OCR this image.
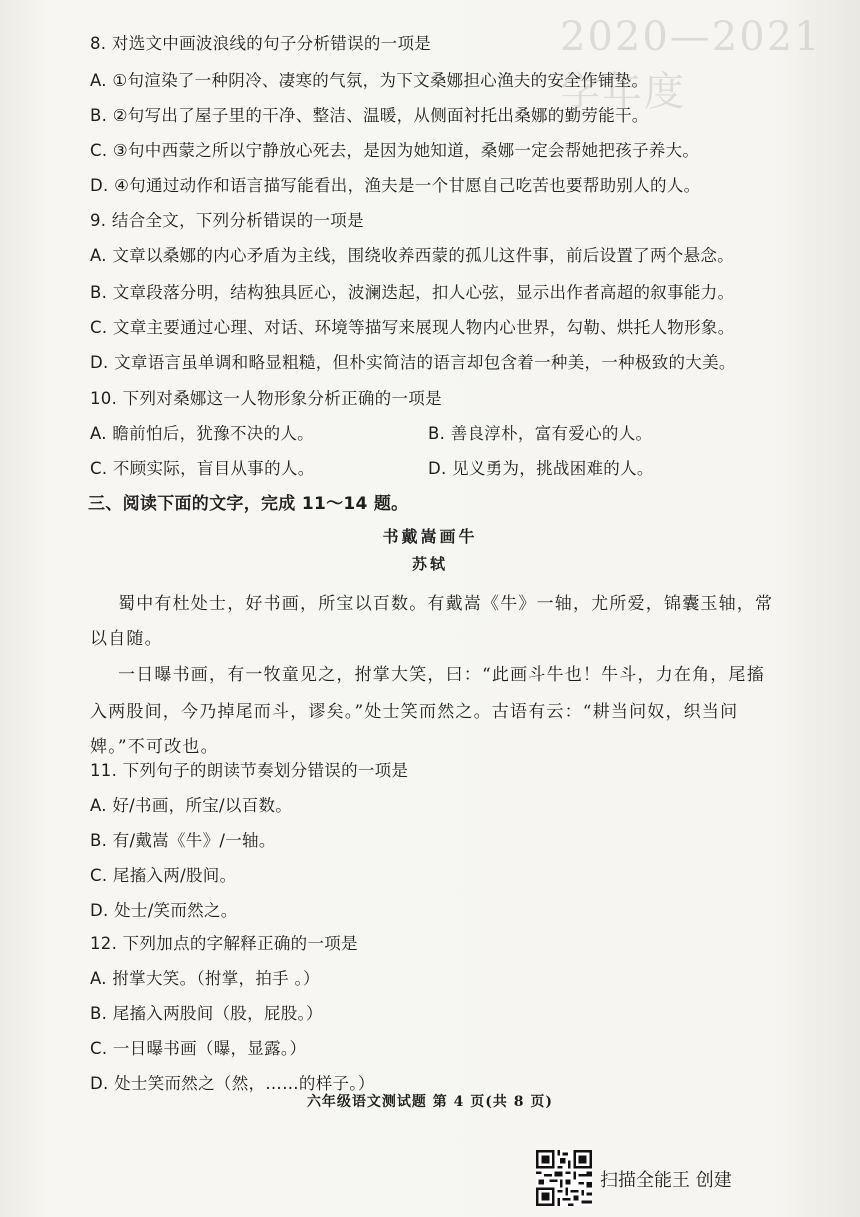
2020—2021 学年度
8. 对选文中画波浪线的句子分析错误的一项是
A. ①句渲染了一种阴冷、凄寒的气氛，为下文桑娜担心渔夫的安全作铺垫。
B. ②句写出了屋子里的干净、整洁、温暖，从侧面衬托出桑娜的勤劳能干。
C. ③句中西蒙之所以宁静放心死去，是因为她知道，桑娜一定会帮她把孩子养大。
D. ④句通过动作和语言描写能看出，渔夫是一个甘愿自己吃苦也要帮助别人的人。
9. 结合全文，下列分析错误的一项是
A. 文章以桑娜的内心矛盾为主线，围绕收养西蒙的孤儿这件事，前后设置了两个悬念。
B. 文章段落分明，结构独具匠心，波澜迭起，扣人心弦，显示出作者高超的叙事能力。
C. 文章主要通过心理、对话、环境等描写来展现人物内心世界，勾勒、烘托人物形象。
D. 文章语言虽单调和略显粗糙，但朴实简洁的语言却包含着一种美，一种极致的大美。
10. 下列对桑娜这一人物形象分析正确的一项是
A. 瞻前怕后，犹豫不决的人。	B. 善良淳朴，富有爱心的人。
C. 不顾实际，盲目从事的人。	D. 见义勇为，挑战困难的人。
三、阅读下面的文字，完成 11～14 题。
书戴嵩画牛
苏轼
蜀中有杜处士，好书画，所宝以百数。有戴嵩《牛》一轴，尤所爱，锦囊玉轴，常
以自随。
一日曝书画，有一牧童见之，拊掌大笑，曰：“此画斗牛也！牛斗，力在角，尾搐
入两股间，今乃掉尾而斗，谬矣。”处士笑而然之。古语有云：“耕当问奴，织当问
婢。”不可改也。
11. 下列句子的朗读节奏划分错误的一项是
A. 好/书画，所宝/以百数。
B. 有/戴嵩《牛》/一轴。
C. 尾搐入两/股间。
D. 处士/笑而然之。
12. 下列加点的字解释正确的一项是
A. 拊掌大笑。（拊掌，拍手 。）
B. 尾搐入两股间（股，屁股。）
C. 一日曝书画（曝，显露。）
D. 处士笑而然之（然，……的样子。）
六年级语文测试题 第 4 页(共 8 页)
扫描全能王 创建
